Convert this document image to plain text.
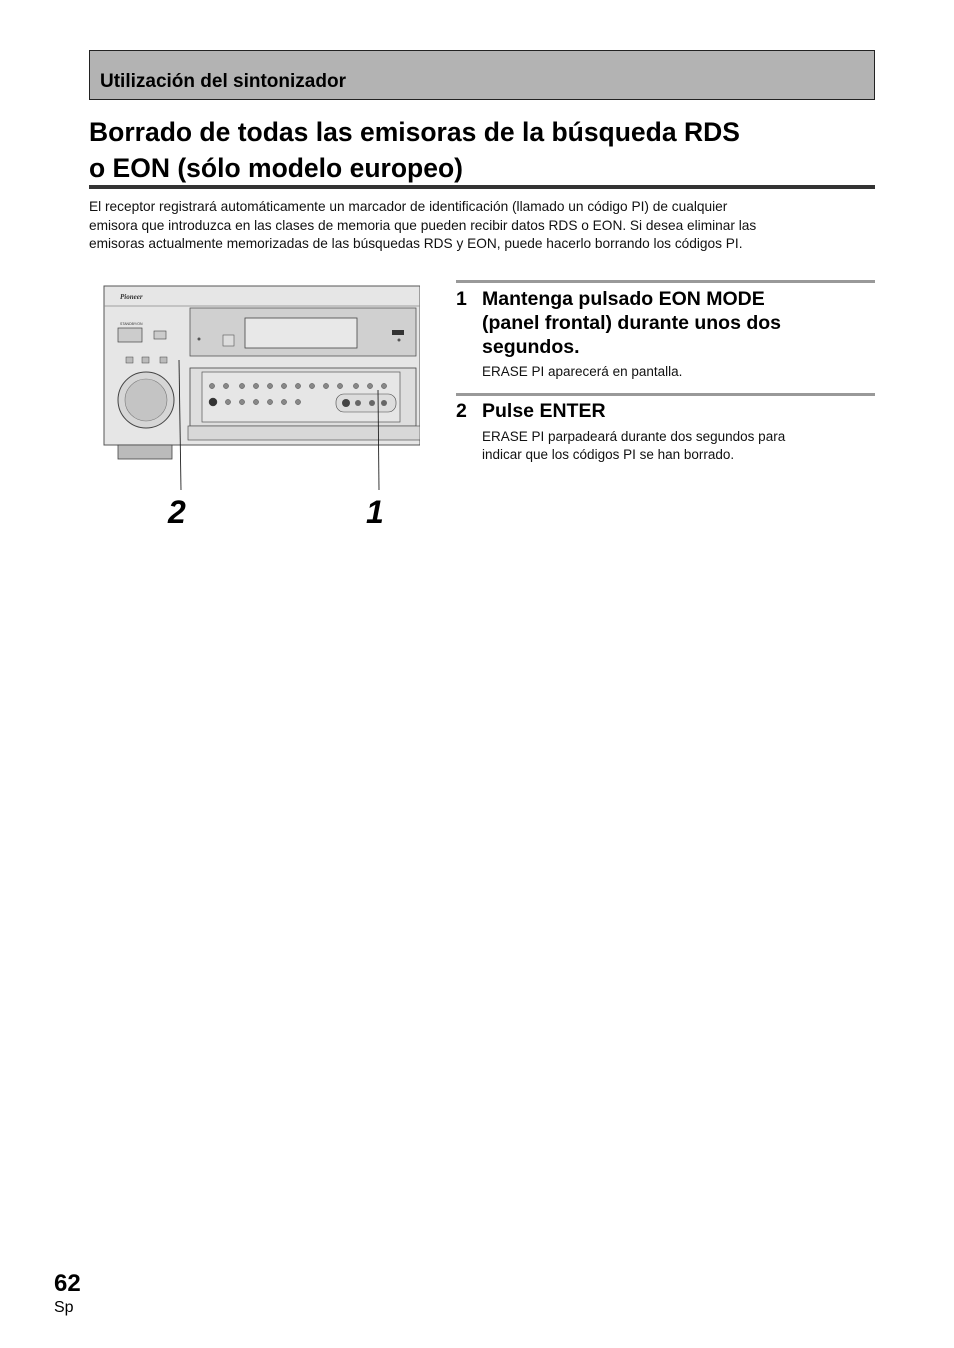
Utilización del sintonizador
Borrado de todas las emisoras de la búsqueda RDS
o EON (sólo modelo europeo)
El receptor registrará automáticamente un marcador de identificación (llamado un código PI) de cualquier
emisora que introduzca en las clases de memoria que pueden recibir datos RDS o EON. Si desea eliminar las
emisoras actualmente memorizadas de las búsquedas RDS y EON, puede hacerlo borrando los códigos PI.
Pioneer
STANDBY/ON
2	1
1 Mantenga pulsado EON MODE
(panel frontal) durante unos dos
segundos.
ERASE PI aparecerá en pantalla.
2 Pulse ENTER
ERASE PI parpadeará durante dos segundos para
indicar que los códigos PI se han borrado.
62
Sp
